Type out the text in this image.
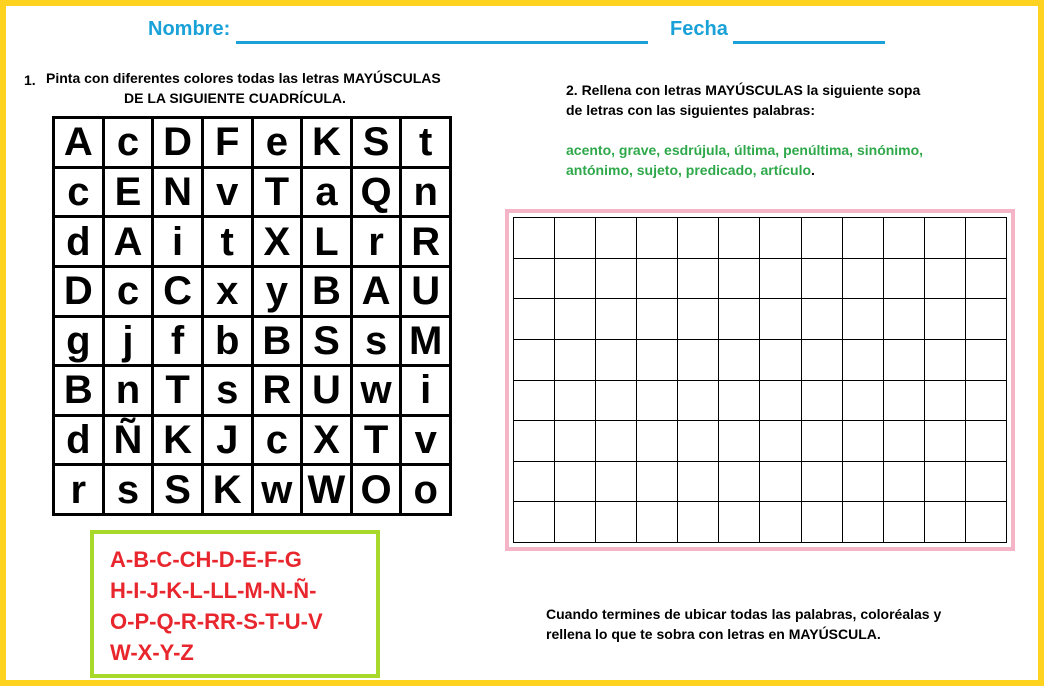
Nombre:	Fecha
1. Pinta con diferentes colores todas las letras MAYÚSCULAS
DE LA SIGUIENTE CUADRÍCULA.
A c D F e K S t
c E N v T a Q n
d A i t X L r R
D c C x y B A U
g j f b B S s M
B n T s R U w i
d Ñ K J c X T v
r s S K w W O o
A-B-C-CH-D-E-F-G
H-I-J-K-L-LL-M-N-Ñ-
O-P-Q-R-RR-S-T-U-V
W-X-Y-Z
2. Rellena con letras MAYÚSCULAS la siguiente sopa
de letras con las siguientes palabras:
acento, grave, esdrújula, última, penúltima, sinónimo,
antónimo, sujeto, predicado, artículo.
Cuando termines de ubicar todas las palabras, coloréalas y
rellena lo que te sobra con letras en MAYÚSCULA.
